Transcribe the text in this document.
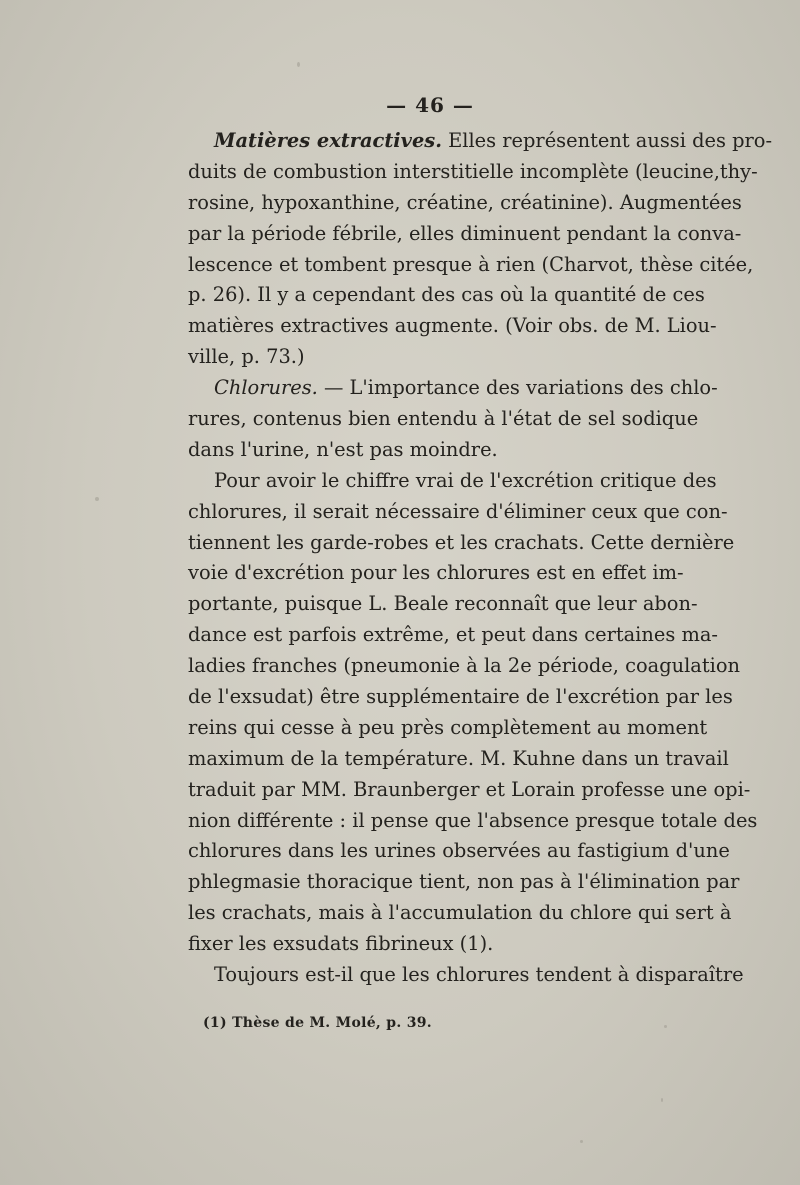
— 46 —
Matières extractives. Elles représentent aussi des pro-
duits de combustion interstitielle incomplète (leucine,thy-
rosine, hypoxanthine, créatine, créatinine). Augmentées
par la période fébrile, elles diminuent pendant la conva-
lescence et tombent presque à rien (Charvot, thèse citée,
p. 26). Il y a cependant des cas où la quantité de ces
matières extractives augmente. (Voir obs. de M. Liou-
ville, p. 73.)
Chlorures. — L'importance des variations des chlo-
rures, contenus bien entendu à l'état de sel sodique
dans l'urine, n'est pas moindre.
Pour avoir le chiffre vrai de l'excrétion critique des
chlorures, il serait nécessaire d'éliminer ceux que con-
tiennent les garde-robes et les crachats. Cette dernière
voie d'excrétion pour les chlorures est en effet im-
portante, puisque L. Beale reconnaît que leur abon-
dance est parfois extrême, et peut dans certaines ma-
ladies franches (pneumonie à la 2e période, coagulation
de l'exsudat) être supplémentaire de l'excrétion par les
reins qui cesse à peu près complètement au moment
maximum de la température. M. Kuhne dans un travail
traduit par MM. Braunberger et Lorain professe une opi-
nion différente : il pense que l'absence presque totale des
chlorures dans les urines observées au fastigium d'une
phlegmasie thoracique tient, non pas à l'élimination par
les crachats, mais à l'accumulation du chlore qui sert à
fixer les exsudats fibrineux (1).
Toujours est-il que les chlorures tendent à disparaître
(1) Thèse de M. Molé, p. 39.
